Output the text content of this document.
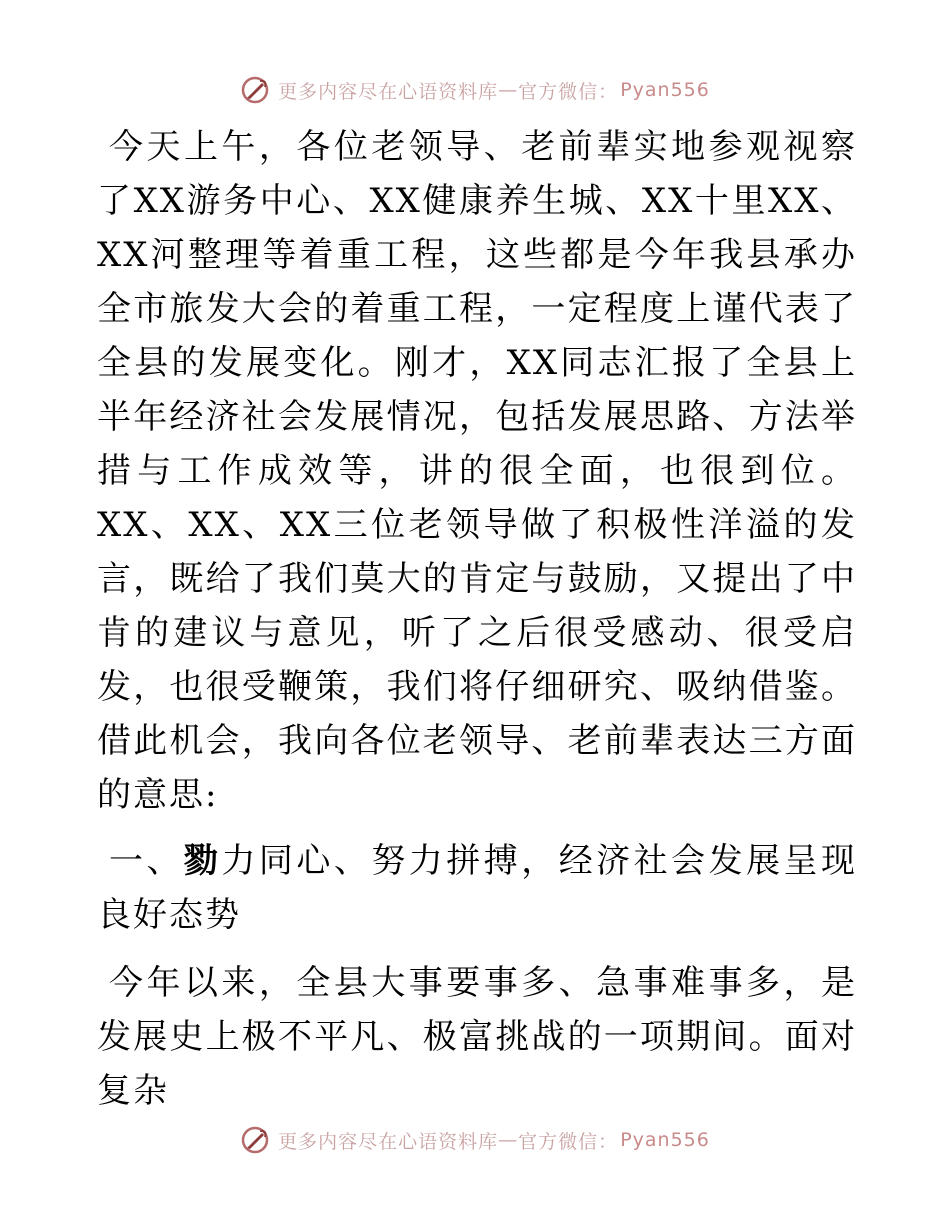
更多内容尽在心语资料库 — 官方微信： Pyan556

今天上午，各位老领导、老前辈实地参观视察了XX游务中心、XX健康养生城、XX十里XX、XX河整理等着重工程，这些都是今年我县承办全市旅发大会的着重工程，一定程度上谨代表了全县的发展变化。刚才，XX同志汇报了全县上半年经济社会发展情况，包括发展思路、方法举措与工作成效等，讲的很全面，也很到位。XX、XX、XX三位老领导做了积极性洋溢的发言，既给了我们莫大的肯定与鼓励，又提出了中肯的建议与意见，听了之后很受感动、很受启发，也很受鞭策，我们将仔细研究、吸纳借鉴。借此机会，我向各位老领导、老前辈表达三方面的意思:

一、勠力同心、努力拼搏，经济社会发展呈现良好态势

今年以来，全县大事要事多、急事难事多，是发展史上极不平凡、极富挑战的一项期间。面对复杂

更多内容尽在心语资料库 — 官方微信： Pyan556
